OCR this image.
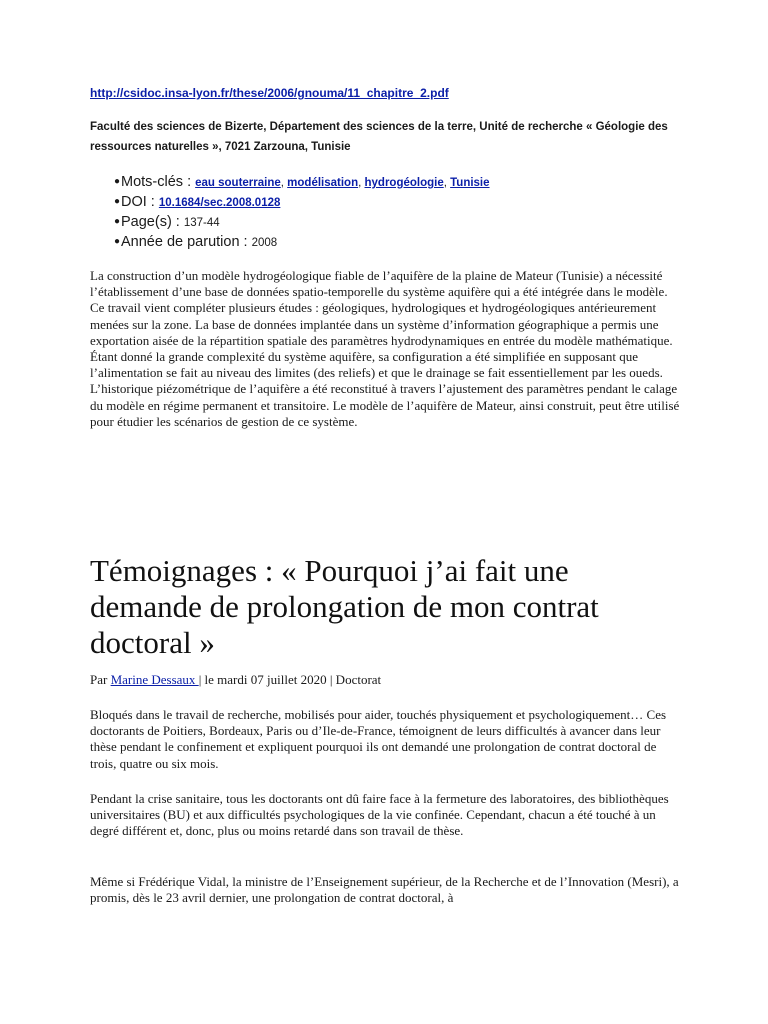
http://csidoc.insa-lyon.fr/these/2006/gnouma/11_chapitre_2.pdf
Faculté des sciences de Bizerte, Département des sciences de la terre, Unité de recherche « Géologie des ressources naturelles », 7021 Zarzouna, Tunisie
● Mots-clés : eau souterraine, modélisation, hydrogéologie, Tunisie
● DOI : 10.1684/sec.2008.0128
● Page(s) : 137-44
● Année de parution : 2008

La construction d’un modèle hydrogéologique fiable de l’aquifère de la plaine de Mateur (Tunisie) a nécessité l’établissement d’une base de données spatio-temporelle du système aquifère qui a été intégrée dans le modèle. Ce travail vient compléter plusieurs études : géologiques, hydrologiques et hydrogéologiques antérieurement menées sur la zone. La base de données implantée dans un système d’information géographique a permis une exportation aisée de la répartition spatiale des paramètres hydrodynamiques en entrée du modèle mathématique. Étant donné la grande complexité du système aquifère, sa configuration a été simplifiée en supposant que l’alimentation se fait au niveau des limites (des reliefs) et que le drainage se fait essentiellement par les oueds. L’historique piézométrique de l’aquifère a été reconstitué à travers l’ajustement des paramètres pendant le calage du modèle en régime permanent et transitoire. Le modèle de l’aquifère de Mateur, ainsi construit, peut être utilisé pour étudier les scénarios de gestion de ce système.

Témoignages : « Pourquoi j’ai fait une demande de prolongation de mon contrat doctoral »
Par Marine Dessaux | le mardi 07 juillet 2020 | Doctorat

Bloqués dans le travail de recherche, mobilisés pour aider, touchés physiquement et psychologiquement… Ces doctorants de Poitiers, Bordeaux, Paris ou d’Ile-de-France, témoignent de leurs difficultés à avancer dans leur thèse pendant le confinement et expliquent pourquoi ils ont demandé une prolongation de contrat doctoral de trois, quatre ou six mois.

Pendant la crise sanitaire, tous les doctorants ont dû faire face à la fermeture des laboratoires, des bibliothèques universitaires (BU) et aux difficultés psychologiques de la vie confinée. Cependant, chacun a été touché à un degré différent et, donc, plus ou moins retardé dans son travail de thèse.

Même si Frédérique Vidal, la ministre de l’Enseignement supérieur, de la Recherche et de l’Innovation (Mesri), a promis, dès le 23 avril dernier, une prolongation de contrat doctoral, à
